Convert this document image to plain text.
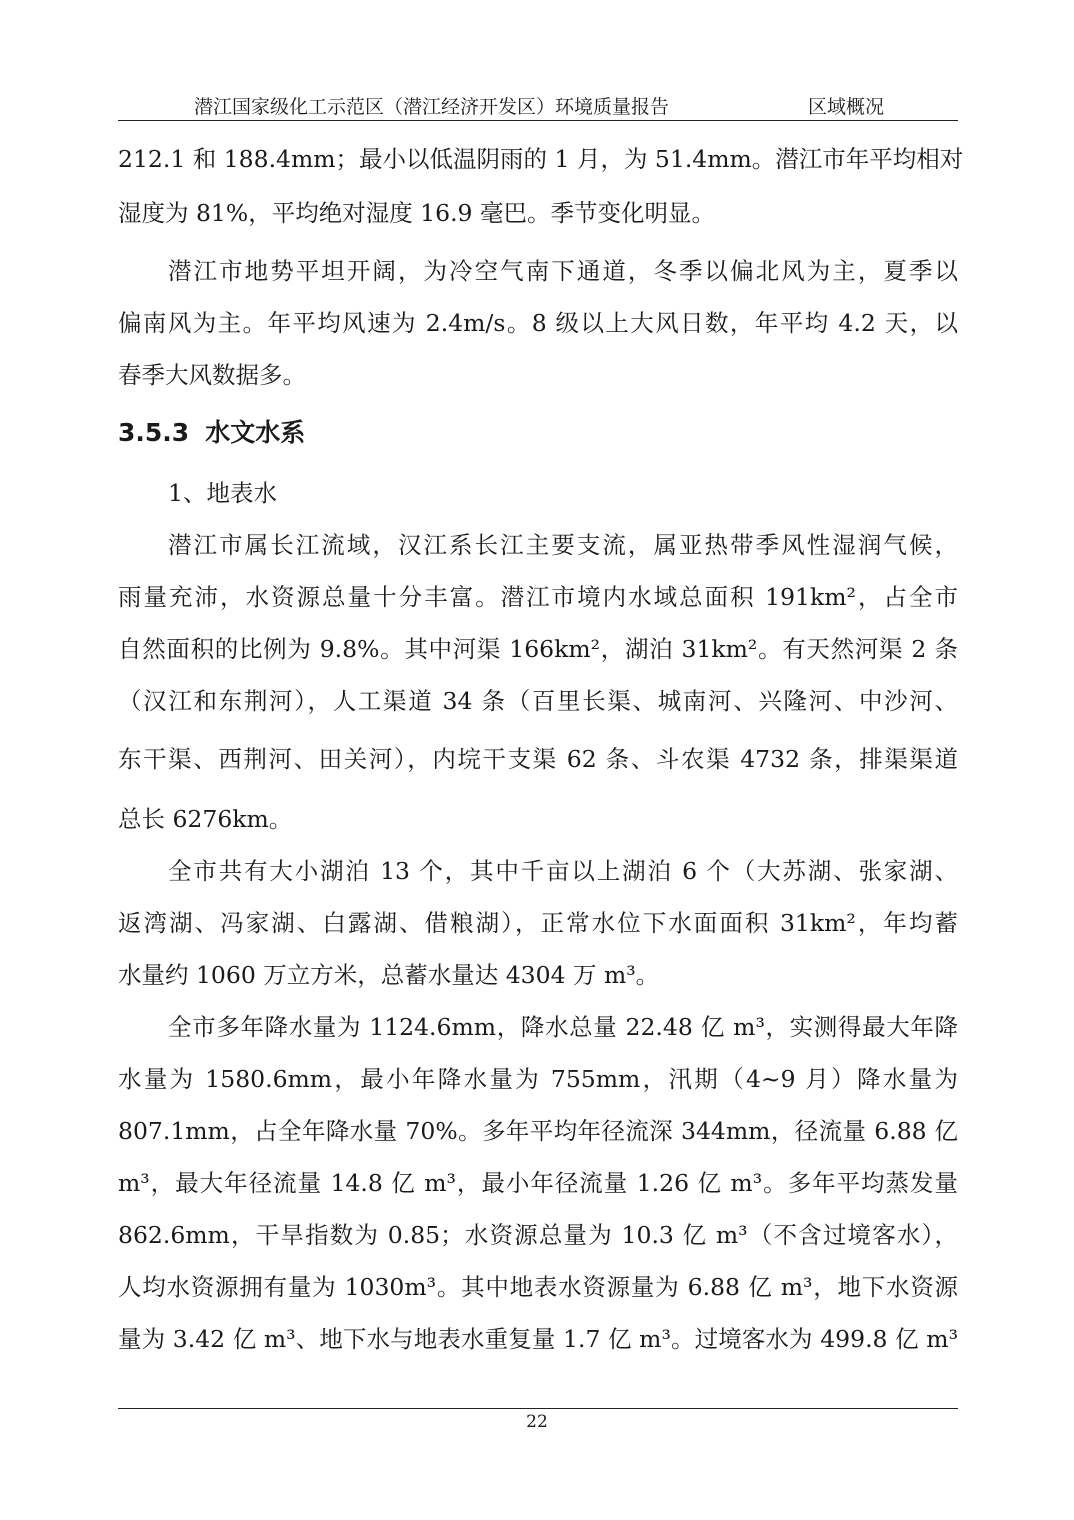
潜江国家级化工示范区（潜江经济开发区）环境质量报告	区域概况
212.1 和 188.4mm；最小以低温阴雨的 1 月，为 51.4mm。潜江市年平均相对
湿度为 81%，平均绝对湿度 16.9 毫巴。季节变化明显。
潜江市地势平坦开阔，为冷空气南下通道，冬季以偏北风为主，夏季以
偏南风为主。年平均风速为 2.4m/s。8 级以上大风日数，年平均 4.2 天，以
春季大风数据多。
3.5.3 水文水系
1、地表水
潜江市属长江流域，汉江系长江主要支流，属亚热带季风性湿润气候，
雨量充沛，水资源总量十分丰富。潜江市境内水域总面积 191km²，占全市
自然面积的比例为 9.8%。其中河渠 166km²，湖泊 31km²。有天然河渠 2 条
（汉江和东荆河），人工渠道 34 条（百里长渠、城南河、兴隆河、中沙河、
东干渠、西荆河、田关河），内垸干支渠 62 条、斗农渠 4732 条，排渠渠道
总长 6276km。
全市共有大小湖泊 13 个，其中千亩以上湖泊 6 个（大苏湖、张家湖、
返湾湖、冯家湖、白露湖、借粮湖），正常水位下水面面积 31km²，年均蓄
水量约 1060 万立方米，总蓄水量达 4304 万 m³。
全市多年降水量为 1124.6mm，降水总量 22.48 亿 m³，实测得最大年降
水量为 1580.6mm，最小年降水量为 755mm，汛期（4~9 月）降水量为
807.1mm，占全年降水量 70%。多年平均年径流深 344mm，径流量 6.88 亿
m³，最大年径流量 14.8 亿 m³，最小年径流量 1.26 亿 m³。多年平均蒸发量
862.6mm，干旱指数为 0.85；水资源总量为 10.3 亿 m³（不含过境客水），
人均水资源拥有量为 1030m³。其中地表水资源量为 6.88 亿 m³，地下水资源
量为 3.42 亿 m³、地下水与地表水重复量 1.7 亿 m³。过境客水为 499.8 亿 m³
22
